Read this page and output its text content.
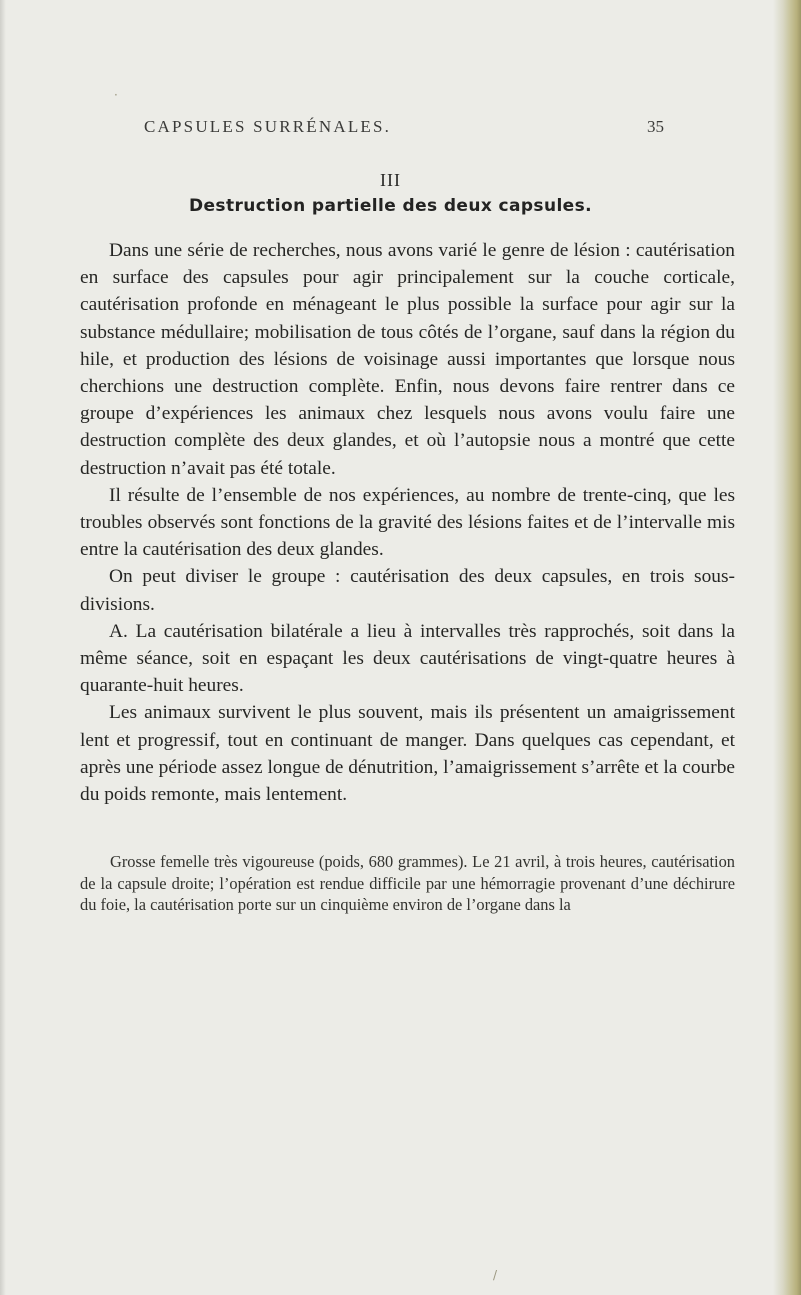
CAPSULES SURRÉNALES.	35
III
Destruction partielle des deux capsules.

Dans une série de recherches, nous avons varié le genre de lésion : cautérisation en surface des capsules pour agir principalement sur la couche corticale, cautérisation profonde en ménageant le plus possible la surface pour agir sur la substance médullaire; mobilisation de tous côtés de l’organe, sauf dans la région du hile, et production des lésions de voisinage aussi importantes que lorsque nous cherchions une destruction complète. Enfin, nous devons faire rentrer dans ce groupe d’expériences les animaux chez lesquels nous avons voulu faire une destruction complète des deux glandes, et où l’autopsie nous a montré que cette destruction n’avait pas été totale.

Il résulte de l’ensemble de nos expériences, au nombre de trente-cinq, que les troubles observés sont fonctions de la gravité des lésions faites et de l’intervalle mis entre la cautérisation des deux glandes.

On peut diviser le groupe : cautérisation des deux capsules, en trois sous-divisions.

A. La cautérisation bilatérale a lieu à intervalles très rapprochés, soit dans la même séance, soit en espaçant les deux cautérisations de vingt-quatre heures à quarante-huit heures.

Les animaux survivent le plus souvent, mais ils présentent un amaigrissement lent et progressif, tout en continuant de manger. Dans quelques cas cependant, et après une période assez longue de dénutrition, l’amaigrissement s’arrête et la courbe du poids remonte, mais lentement.

Grosse femelle très vigoureuse (poids, 680 grammes). Le 21 avril, à trois heures, cautérisation de la capsule droite; l’opération est rendue difficile par une hémorragie provenant d’une déchirure du foie, la cautérisation porte sur un cinquième environ de l’organe dans la

·
/
